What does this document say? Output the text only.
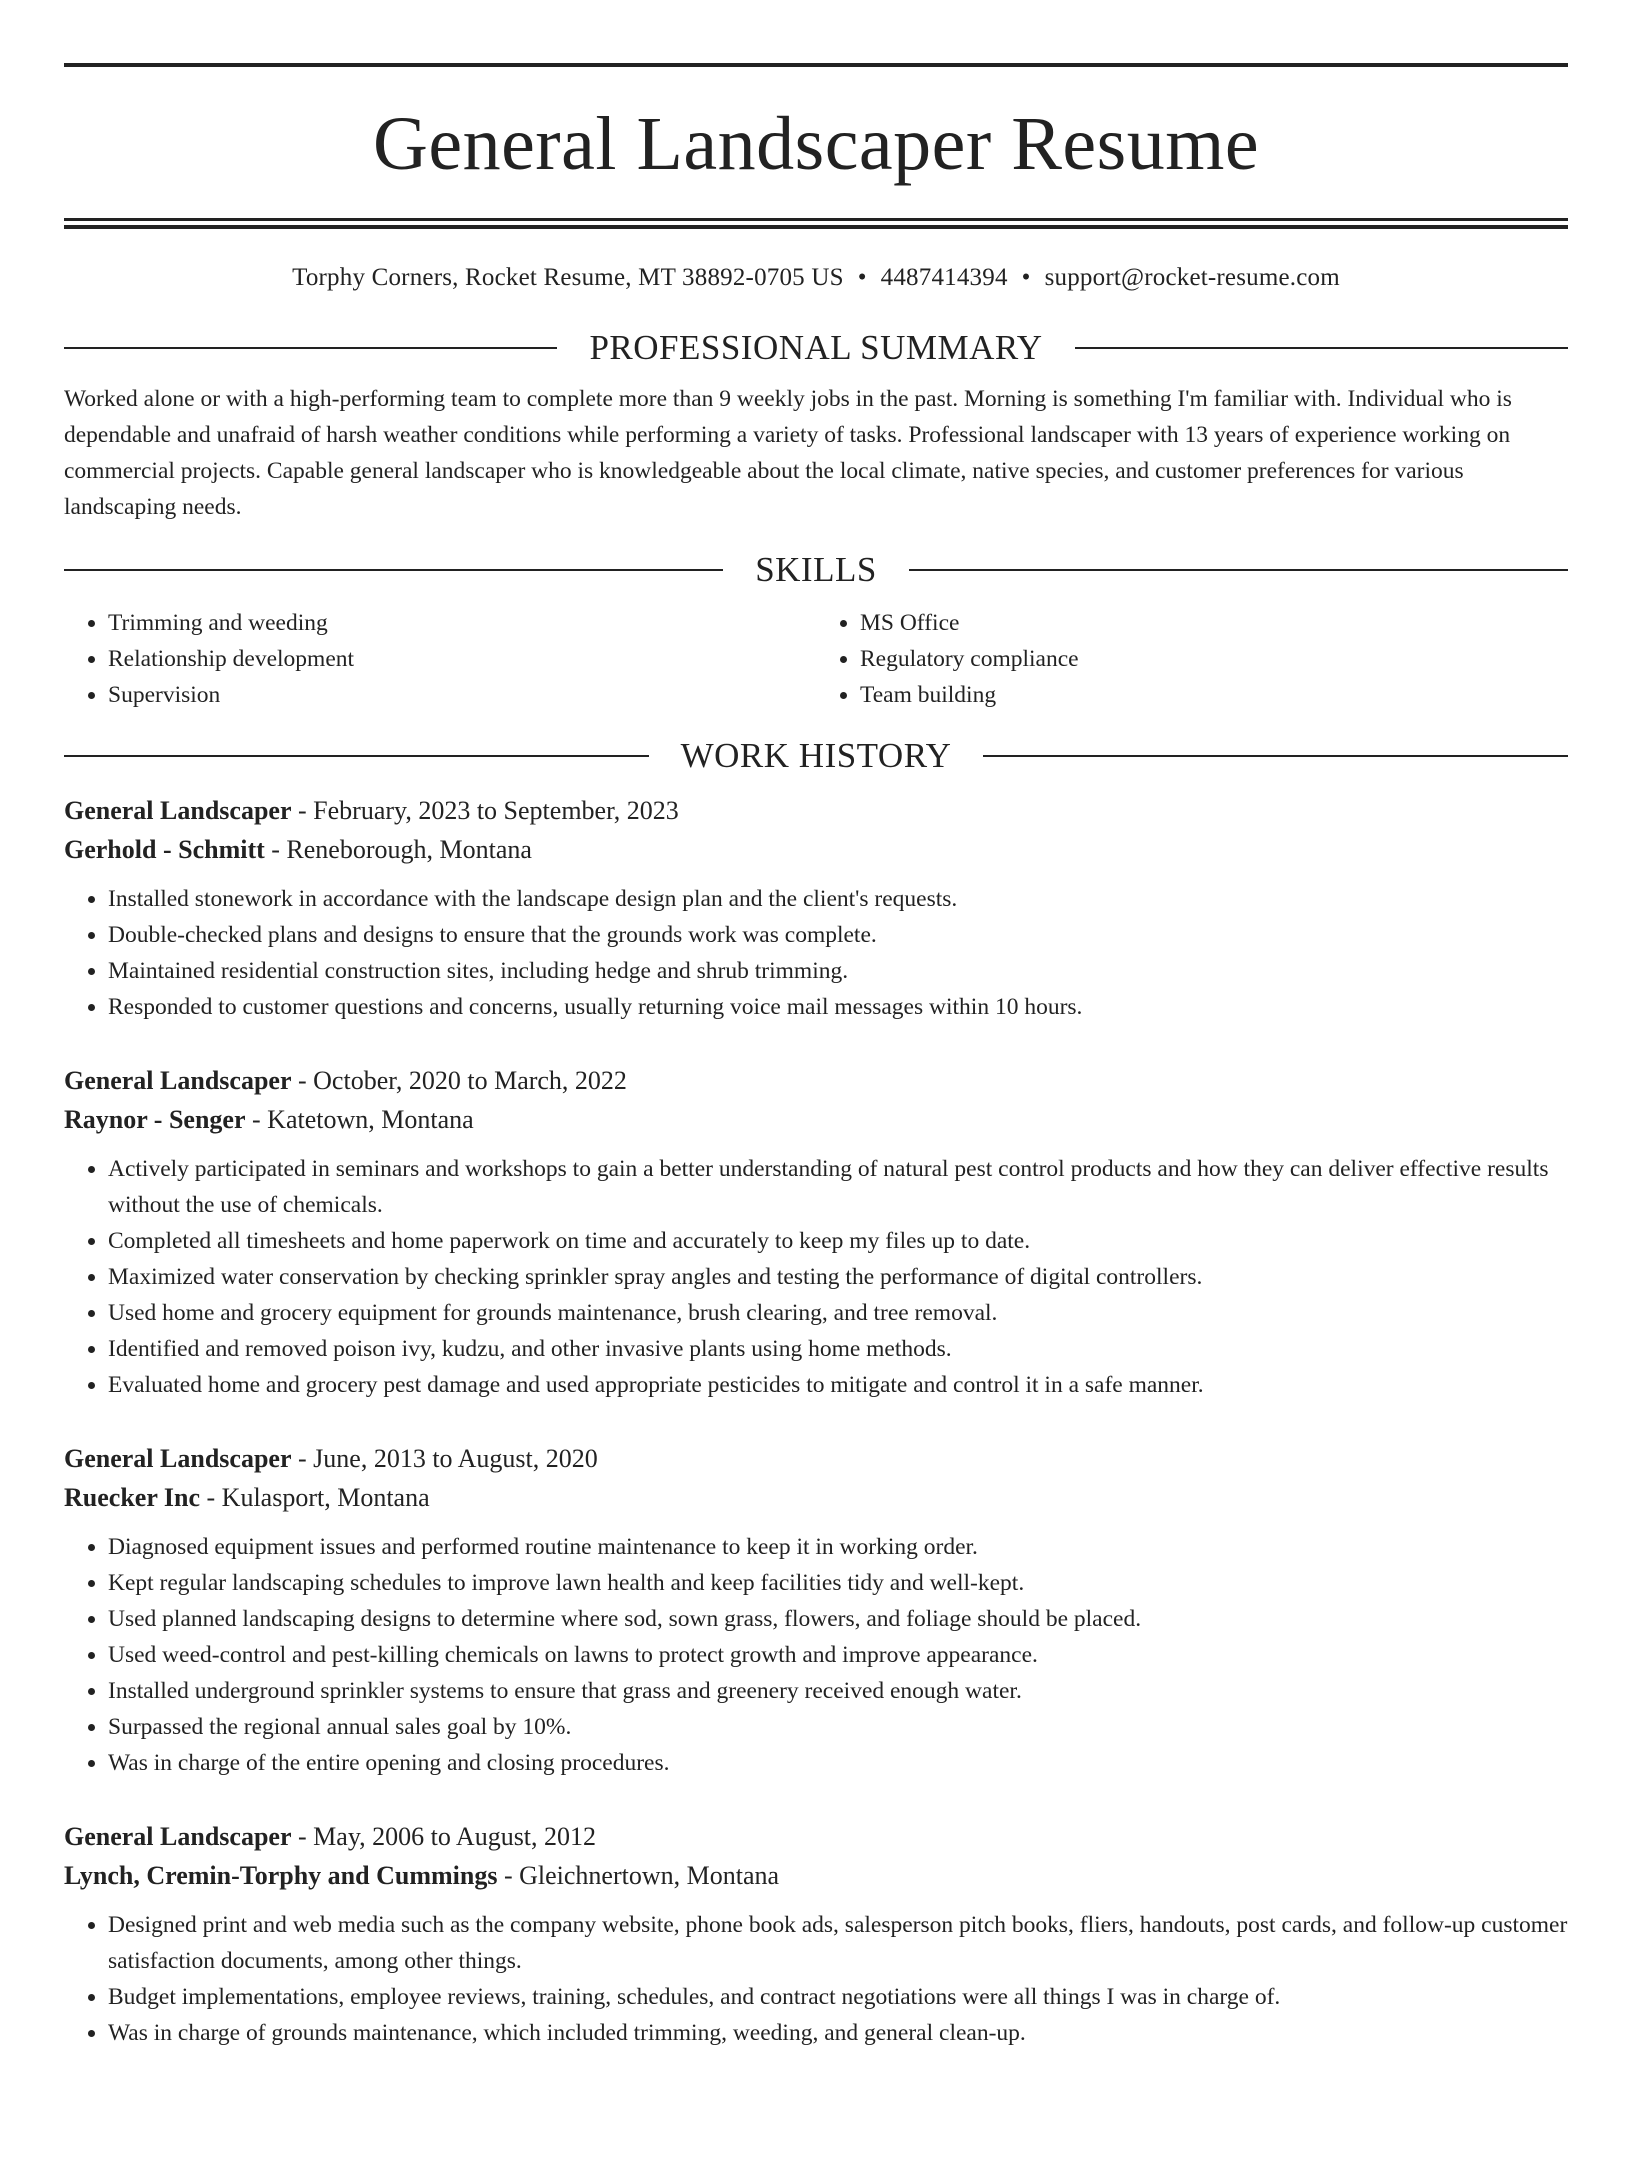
General Landscaper Resume
Torphy Corners, Rocket Resume, MT 38892-0705 US • 4487414394 • support@rocket-resume.com
PROFESSIONAL SUMMARY
Worked alone or with a high-performing team to complete more than 9 weekly jobs in the past. Morning is something I'm familiar with. Individual who is dependable and unafraid of harsh weather conditions while performing a variety of tasks. Professional landscaper with 13 years of experience working on commercial projects. Capable general landscaper who is knowledgeable about the local climate, native species, and customer preferences for various landscaping needs.
SKILLS
• Trimming and weeding
• Relationship development
• Supervision
• MS Office
• Regulatory compliance
• Team building
WORK HISTORY
General Landscaper - February, 2023 to September, 2023
Gerhold - Schmitt - Reneborough, Montana
• Installed stonework in accordance with the landscape design plan and the client's requests.
• Double-checked plans and designs to ensure that the grounds work was complete.
• Maintained residential construction sites, including hedge and shrub trimming.
• Responded to customer questions and concerns, usually returning voice mail messages within 10 hours.
General Landscaper - October, 2020 to March, 2022
Raynor - Senger - Katetown, Montana
• Actively participated in seminars and workshops to gain a better understanding of natural pest control products and how they can deliver effective results without the use of chemicals.
• Completed all timesheets and home paperwork on time and accurately to keep my files up to date.
• Maximized water conservation by checking sprinkler spray angles and testing the performance of digital controllers.
• Used home and grocery equipment for grounds maintenance, brush clearing, and tree removal.
• Identified and removed poison ivy, kudzu, and other invasive plants using home methods.
• Evaluated home and grocery pest damage and used appropriate pesticides to mitigate and control it in a safe manner.
General Landscaper - June, 2013 to August, 2020
Ruecker Inc - Kulasport, Montana
• Diagnosed equipment issues and performed routine maintenance to keep it in working order.
• Kept regular landscaping schedules to improve lawn health and keep facilities tidy and well-kept.
• Used planned landscaping designs to determine where sod, sown grass, flowers, and foliage should be placed.
• Used weed-control and pest-killing chemicals on lawns to protect growth and improve appearance.
• Installed underground sprinkler systems to ensure that grass and greenery received enough water.
• Surpassed the regional annual sales goal by 10%.
• Was in charge of the entire opening and closing procedures.
General Landscaper - May, 2006 to August, 2012
Lynch, Cremin-Torphy and Cummings - Gleichnertown, Montana
• Designed print and web media such as the company website, phone book ads, salesperson pitch books, fliers, handouts, post cards, and follow-up customer satisfaction documents, among other things.
• Budget implementations, employee reviews, training, schedules, and contract negotiations were all things I was in charge of.
• Was in charge of grounds maintenance, which included trimming, weeding, and general clean-up.
